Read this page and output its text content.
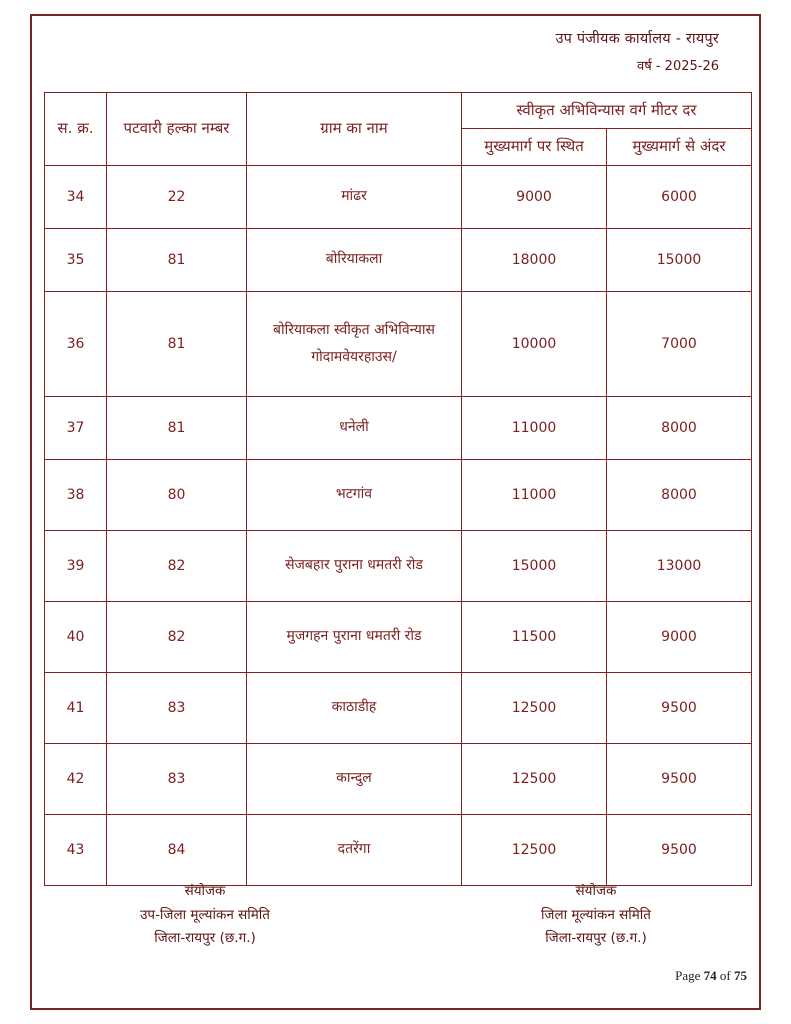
उप पंजीयक कार्यालय - रायपुर
वर्ष - 2025-26
स. क्र.	पटवारी हल्का नम्बर	ग्राम का नाम	स्वीकृत अभिविन्यास वर्ग मीटर दर	
			मुख्यमार्ग पर स्थित	मुख्यमार्ग से अंदर
34	22	मांढर	9000	6000
35	81	बोरियाकला	18000	15000
36	81	बोरियाकला स्वीकृत अभिविन्यास गोदामवेयरहाउस/	10000	7000
37	81	धनेली	11000	8000
38	80	भटगांव	11000	8000
39	82	सेजबहार पुराना धमतरी रोड	15000	13000
40	82	मुजगहन पुराना धमतरी रोड	11500	9000
41	83	काठाडीह	12500	9500
42	83	कान्दुल	12500	9500
43	84	दतरेंगा	12500	9500
संयोजक
उप-जिला मूल्यांकन समिति
जिला-रायपुर (छ.ग.)
संयोजक
जिला मूल्यांकन समिति
जिला-रायपुर (छ.ग.)
Page 74 of 75
